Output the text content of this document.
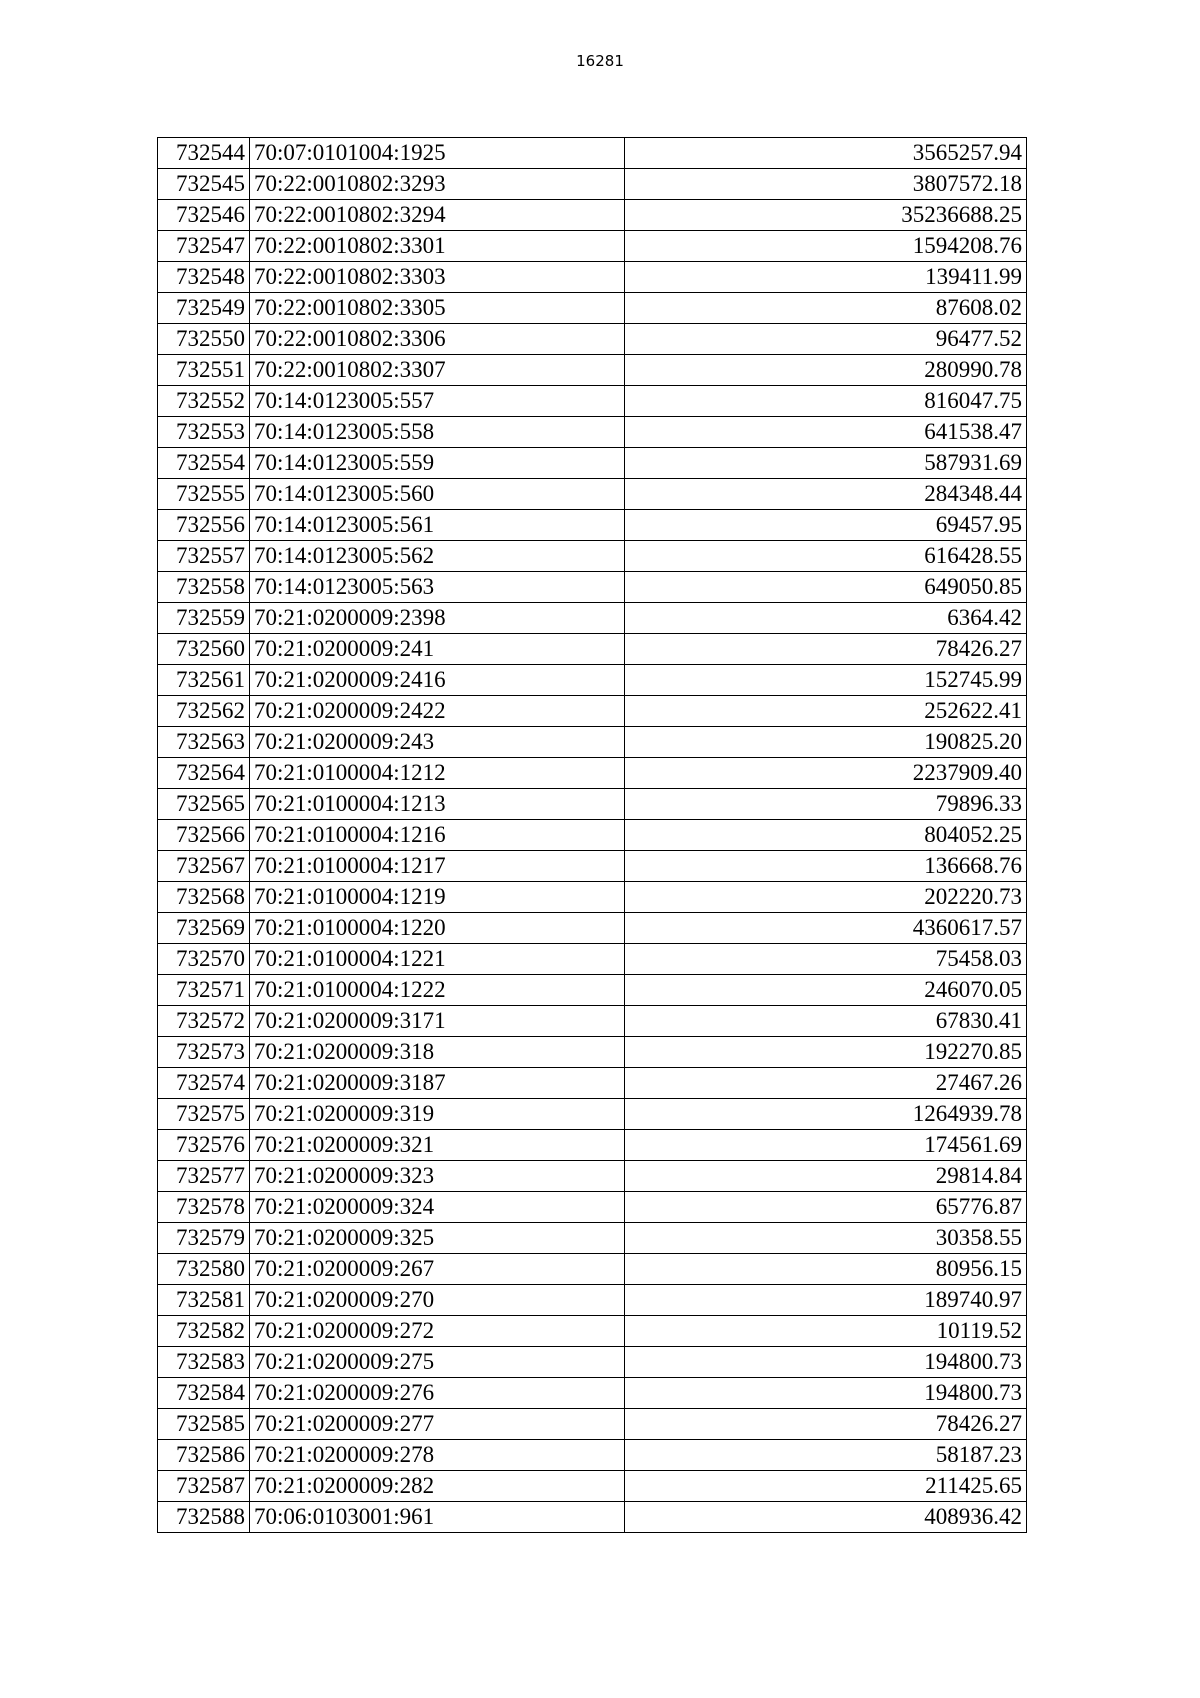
16281
732544	70:07:0101004:1925	3565257.94
732545	70:22:0010802:3293	3807572.18
732546	70:22:0010802:3294	35236688.25
732547	70:22:0010802:3301	1594208.76
732548	70:22:0010802:3303	139411.99
732549	70:22:0010802:3305	87608.02
732550	70:22:0010802:3306	96477.52
732551	70:22:0010802:3307	280990.78
732552	70:14:0123005:557	816047.75
732553	70:14:0123005:558	641538.47
732554	70:14:0123005:559	587931.69
732555	70:14:0123005:560	284348.44
732556	70:14:0123005:561	69457.95
732557	70:14:0123005:562	616428.55
732558	70:14:0123005:563	649050.85
732559	70:21:0200009:2398	6364.42
732560	70:21:0200009:241	78426.27
732561	70:21:0200009:2416	152745.99
732562	70:21:0200009:2422	252622.41
732563	70:21:0200009:243	190825.20
732564	70:21:0100004:1212	2237909.40
732565	70:21:0100004:1213	79896.33
732566	70:21:0100004:1216	804052.25
732567	70:21:0100004:1217	136668.76
732568	70:21:0100004:1219	202220.73
732569	70:21:0100004:1220	4360617.57
732570	70:21:0100004:1221	75458.03
732571	70:21:0100004:1222	246070.05
732572	70:21:0200009:3171	67830.41
732573	70:21:0200009:318	192270.85
732574	70:21:0200009:3187	27467.26
732575	70:21:0200009:319	1264939.78
732576	70:21:0200009:321	174561.69
732577	70:21:0200009:323	29814.84
732578	70:21:0200009:324	65776.87
732579	70:21:0200009:325	30358.55
732580	70:21:0200009:267	80956.15
732581	70:21:0200009:270	189740.97
732582	70:21:0200009:272	10119.52
732583	70:21:0200009:275	194800.73
732584	70:21:0200009:276	194800.73
732585	70:21:0200009:277	78426.27
732586	70:21:0200009:278	58187.23
732587	70:21:0200009:282	211425.65
732588	70:06:0103001:961	408936.42
